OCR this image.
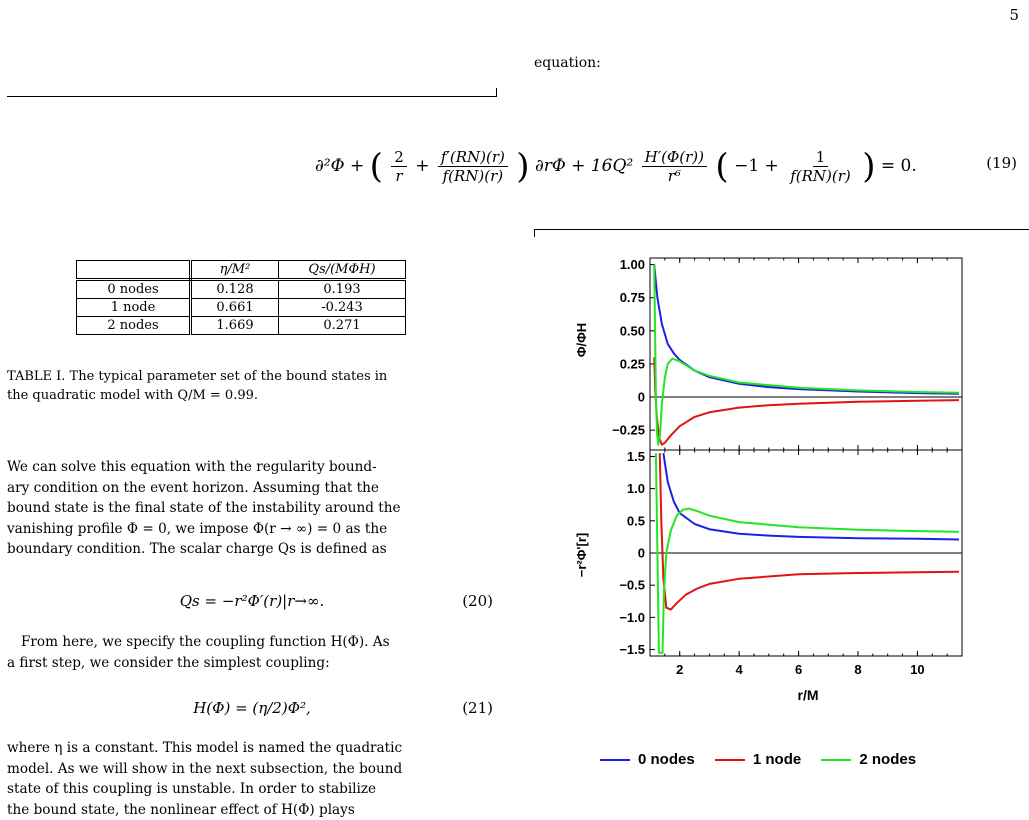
5
equation:
∂²Φ + ( $\frac{2}{r} + \frac{f'(RN)(r)}{f(RN)(r)}$ ) $\partial r\Phi + 16Q^2 \frac{H'(\Phi(r))}{\text{r⁶}}$ ( $-1 + \frac{1}{f(RN)(r)}$ ) = 0.	(19)
	η/M²	Qs/(MΦH)
0 nodes	0.128	0.193
1 node	0.661	-0.243
2 nodes	1.669	0.271
TABLE I. The typical parameter set of the bound states in
the quadratic model with Q/M = 0.99.
We can solve this equation with the regularity bound-
ary condition on the event horizon. Assuming that the
bound state is the final state of the instability around the
vanishing profile Φ = 0, we impose Φ(r → ∞) = 0 as the
boundary condition. The scalar charge Qs is defined as
Qs = −r²Φ′(r)|r→∞.	(20)
From here, we specify the coupling function H(Φ). As
a first step, we consider the simplest coupling:
H(Φ) = (η/2)Φ²,	(21)
where η is a constant. This model is named the quadratic
model. As we will show in the next subsection, the bound
state of this coupling is unstable. In order to stabilize
the bound state, the nonlinear effect of H(Φ) plays
1.00
0.75
0.50
0.25
0
−0.25
2	4	6	8	10
1.5
1.0
0.5
0
−0.5
−1.0
−1.5
Φ/ΦH
−r²Φ'[r]
r/M
0 nodes	1 node	2 nodes
